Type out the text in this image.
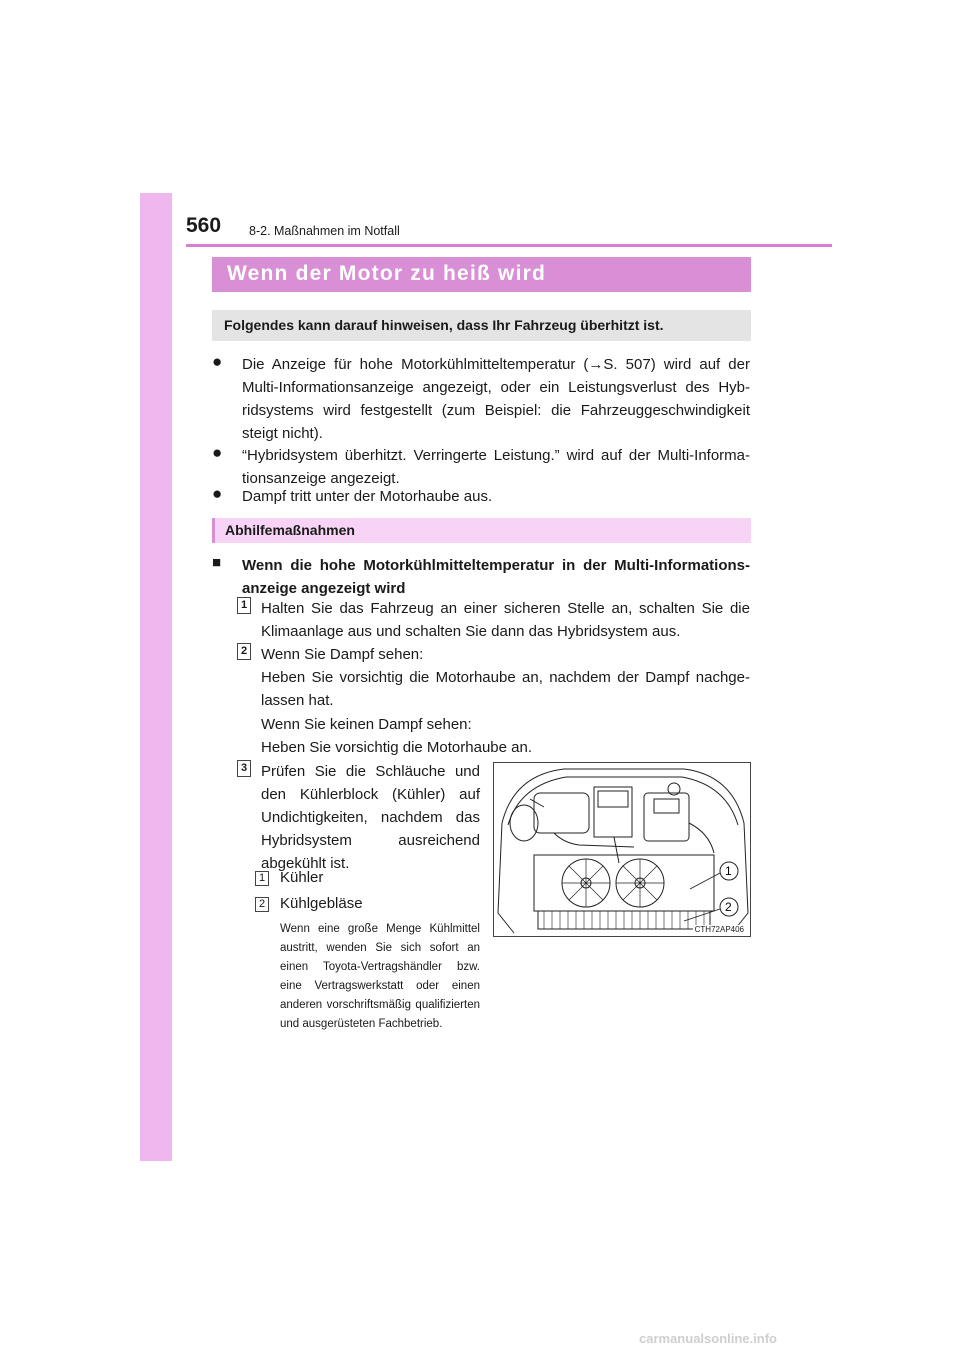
560 8-2. Maßnahmen im Notfall
Wenn der Motor zu heiß wird
Folgendes kann darauf hinweisen, dass Ihr Fahrzeug überhitzt ist.
● Die Anzeige für hohe Motorkühlmitteltemperatur (→S. 507) wird auf der Multi-Informationsanzeige angezeigt, oder ein Leistungsverlust des Hybridsystems wird festgestellt (zum Beispiel: die Fahrzeuggeschwindigkeit steigt nicht).
● “Hybridsystem überhitzt. Verringerte Leistung.” wird auf der Multi-Informationsanzeige angezeigt.
● Dampf tritt unter der Motorhaube aus.
Abhilfemaßnahmen
■ Wenn die hohe Motorkühlmitteltemperatur in der Multi-Informationsanzeige angezeigt wird
1 Halten Sie das Fahrzeug an einer sicheren Stelle an, schalten Sie die Klimaanlage aus und schalten Sie dann das Hybridsystem aus.
2 Wenn Sie Dampf sehen:
Heben Sie vorsichtig die Motorhaube an, nachdem der Dampf nachgelassen hat.
Wenn Sie keinen Dampf sehen:
Heben Sie vorsichtig die Motorhaube an.
3 Prüfen Sie die Schläuche und den Kühlerblock (Kühler) auf Undichtigkeiten, nachdem das Hybridsystem ausreichend abgekühlt ist.
1 Kühler
2 Kühlgebläse
Wenn eine große Menge Kühlmittel austritt, wenden Sie sich sofort an einen Toyota-Vertragshändler bzw. eine Vertragswerkstatt oder einen anderen vorschriftsmäßig qualifizierten und ausgerüsteten Fachbetrieb.
1
2
CTH72AP406
carmanualsonline.info
